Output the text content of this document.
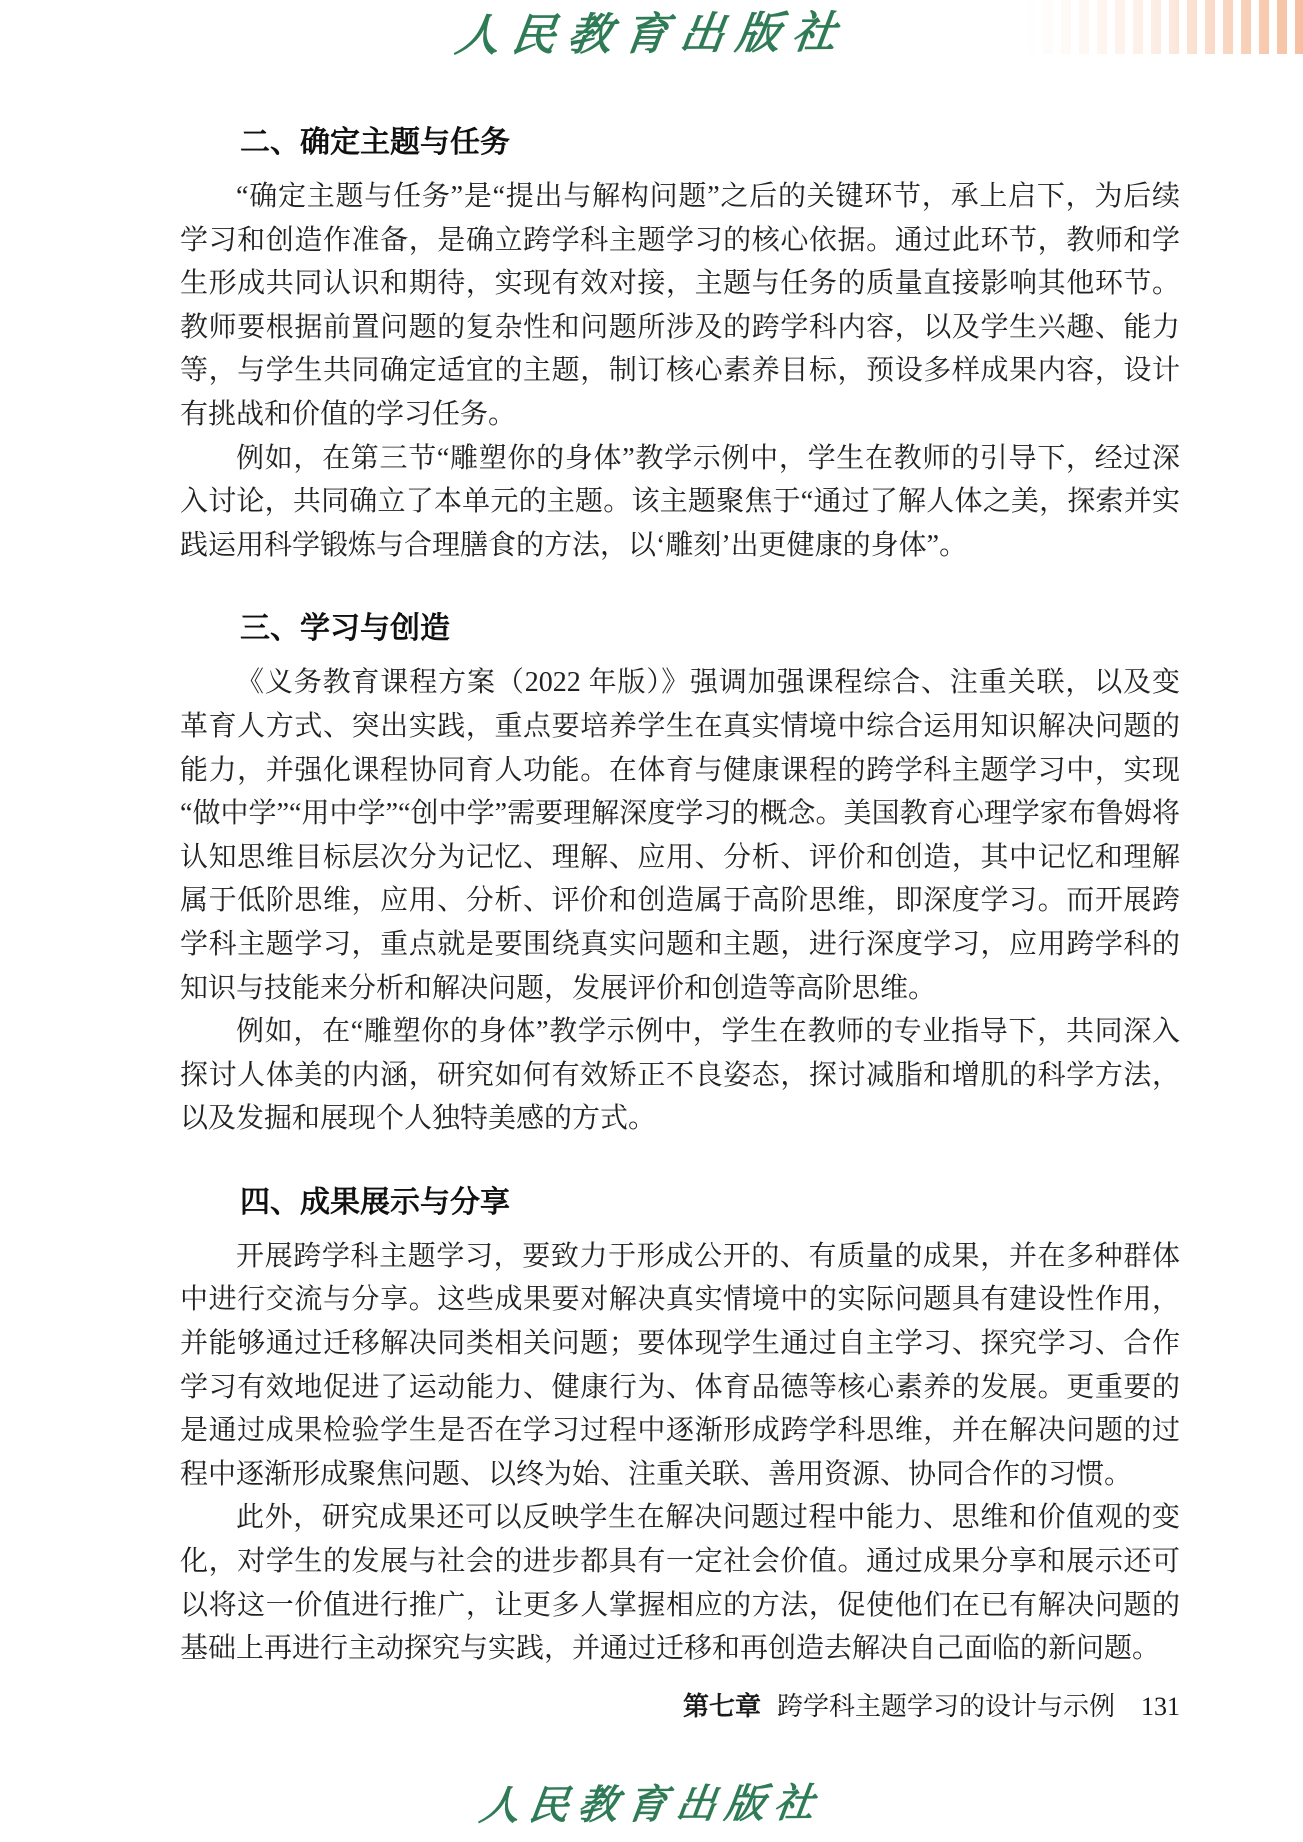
人民教育出版社
二、确定主题与任务

“确定主题与任务”是“提出与解构问题”之后的关键环节，承上启下，为后续学习和创造作准备，是确立跨学科主题学习的核心依据。通过此环节，教师和学生形成共同认识和期待，实现有效对接，主题与任务的质量直接影响其他环节。教师要根据前置问题的复杂性和问题所涉及的跨学科内容，以及学生兴趣、能力等，与学生共同确定适宜的主题，制订核心素养目标，预设多样成果内容，设计有挑战和价值的学习任务。

例如，在第三节“雕塑你的身体”教学示例中，学生在教师的引导下，经过深入讨论，共同确立了本单元的主题。该主题聚焦于“通过了解人体之美，探索并实践运用科学锻炼与合理膳食的方法，以‘雕刻’出更健康的身体”。

三、学习与创造

《义务教育课程方案（2022 年版）》强调加强课程综合、注重关联，以及变革育人方式、突出实践，重点要培养学生在真实情境中综合运用知识解决问题的能力，并强化课程协同育人功能。在体育与健康课程的跨学科主题学习中，实现“做中学”“用中学”“创中学”需要理解深度学习的概念。美国教育心理学家布鲁姆将认知思维目标层次分为记忆、理解、应用、分析、评价和创造，其中记忆和理解属于低阶思维，应用、分析、评价和创造属于高阶思维，即深度学习。而开展跨学科主题学习，重点就是要围绕真实问题和主题，进行深度学习，应用跨学科的知识与技能来分析和解决问题，发展评价和创造等高阶思维。

例如，在“雕塑你的身体”教学示例中，学生在教师的专业指导下，共同深入探讨人体美的内涵，研究如何有效矫正不良姿态，探讨减脂和增肌的科学方法，以及发掘和展现个人独特美感的方式。

四、成果展示与分享

开展跨学科主题学习，要致力于形成公开的、有质量的成果，并在多种群体中进行交流与分享。这些成果要对解决真实情境中的实际问题具有建设性作用，并能够通过迁移解决同类相关问题；要体现学生通过自主学习、探究学习、合作学习有效地促进了运动能力、健康行为、体育品德等核心素养的发展。更重要的是通过成果检验学生是否在学习过程中逐渐形成跨学科思维，并在解决问题的过程中逐渐形成聚焦问题、以终为始、注重关联、善用资源、协同合作的习惯。

此外，研究成果还可以反映学生在解决问题过程中能力、思维和价值观的变化，对学生的发展与社会的进步都具有一定社会价值。通过成果分享和展示还可以将这一价值进行推广，让更多人掌握相应的方法，促使他们在已有解决问题的基础上再进行主动探究与实践，并通过迁移和再创造去解决自己面临的新问题。

第七章 跨学科主题学习的设计与示例 131
人民教育出版社
